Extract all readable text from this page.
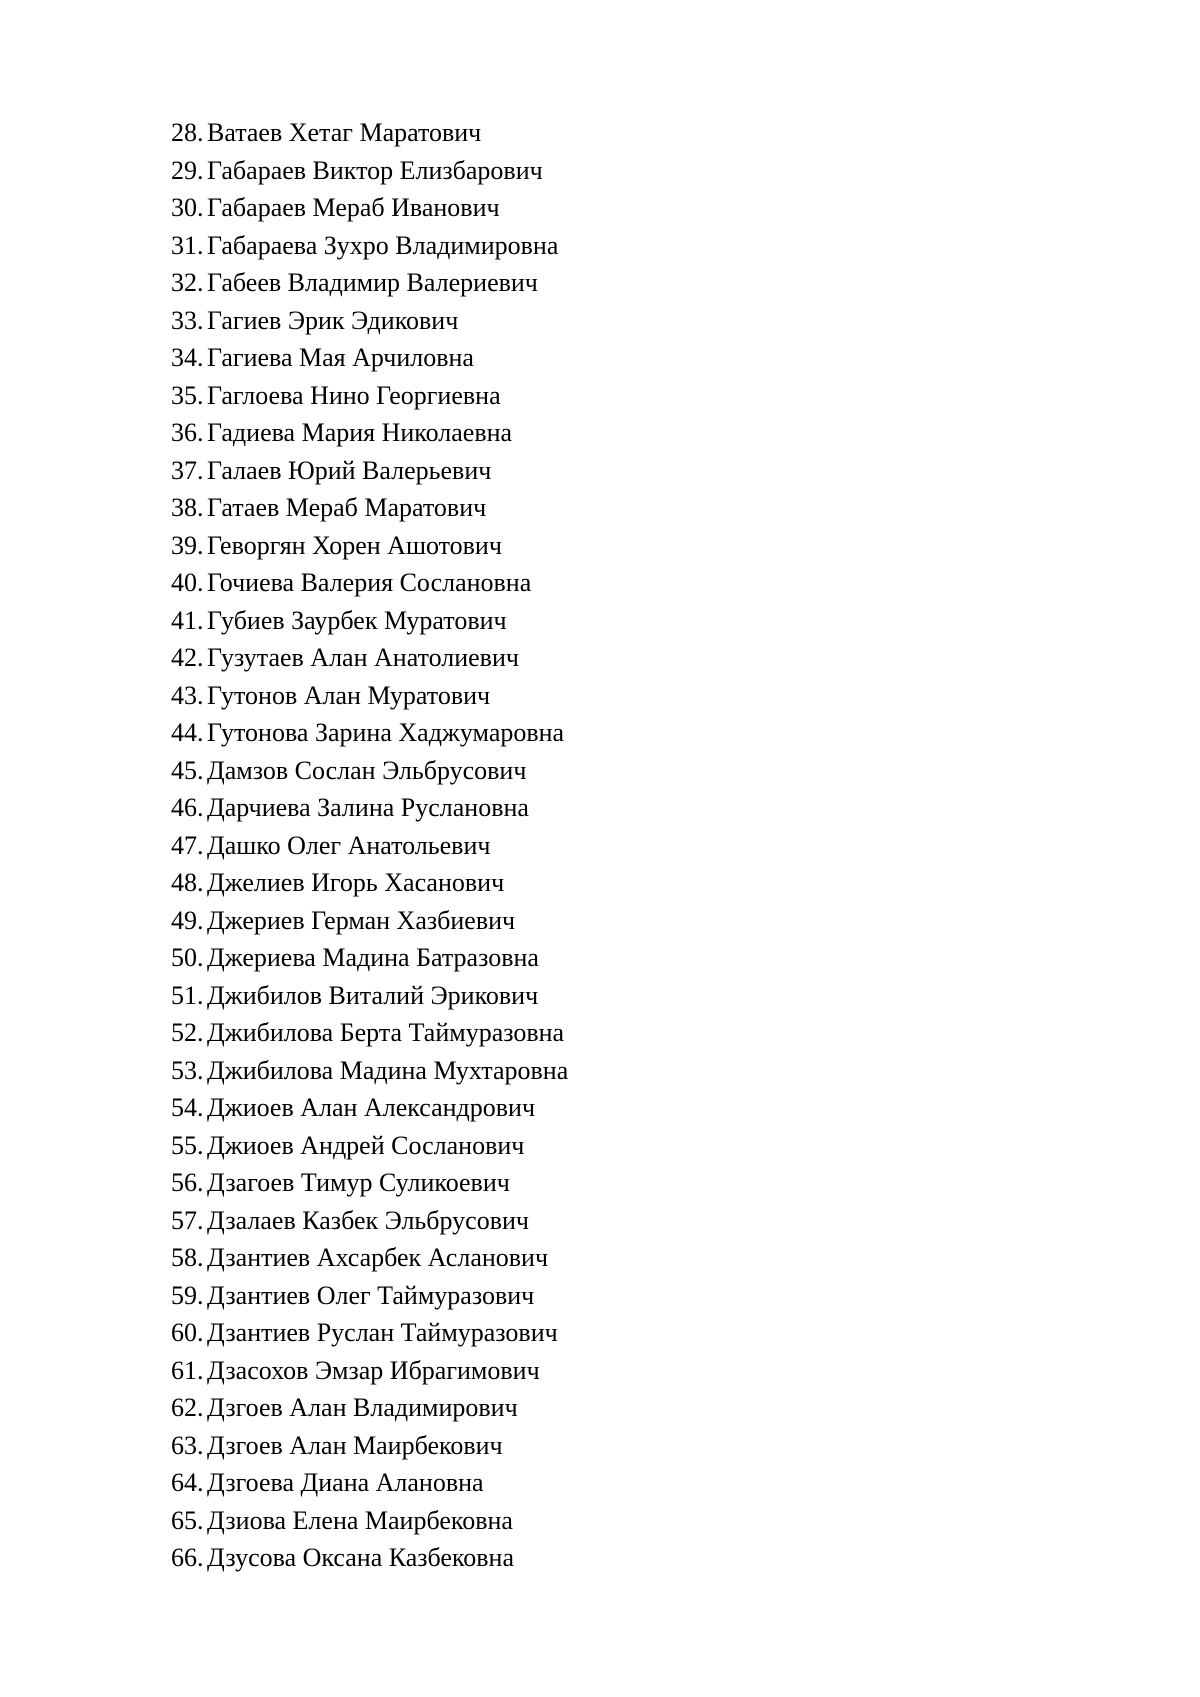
28. Ватаев Хетаг Маратович
29. Габараев Виктор Елизбарович
30. Габараев Мераб Иванович
31. Габараева Зухро Владимировна
32. Габеев Владимир Валериевич
33. Гагиев Эрик Эдикович
34. Гагиева Мая Арчиловна
35. Гаглоева Нино Георгиевна
36. Гадиева Мария Николаевна
37. Галаев Юрий Валерьевич
38. Гатаев Мераб Маратович
39. Геворгян Хорен Ашотович
40. Гочиева Валерия Сослановна
41. Губиев Заурбек Муратович
42. Гузутаев Алан Анатолиевич
43. Гутонов Алан Муратович
44. Гутонова Зарина Хаджумаровна
45. Дамзов Сослан Эльбрусович
46. Дарчиева Залина Руслановна
47. Дашко Олег Анатольевич
48. Джелиев Игорь Хасанович
49. Джериев Герман Хазбиевич
50. Джериева Мадина Батразовна
51. Джибилов Виталий Эрикович
52. Джибилова Берта Таймуразовна
53. Джибилова Мадина Мухтаровна
54. Джиоев Алан Александрович
55. Джиоев Андрей Сосланович
56. Дзагоев Тимур Суликоевич
57. Дзалаев Казбек Эльбрусович
58. Дзантиев Ахсарбек Асланович
59. Дзантиев Олег Таймуразович
60. Дзантиев Руслан Таймуразович
61. Дзасохов Эмзар Ибрагимович
62. Дзгоев Алан Владимирович
63. Дзгоев Алан Маирбекович
64. Дзгоева Диана Алановна
65. Дзиова Елена Маирбековна
66. Дзусова Оксана Казбековна
